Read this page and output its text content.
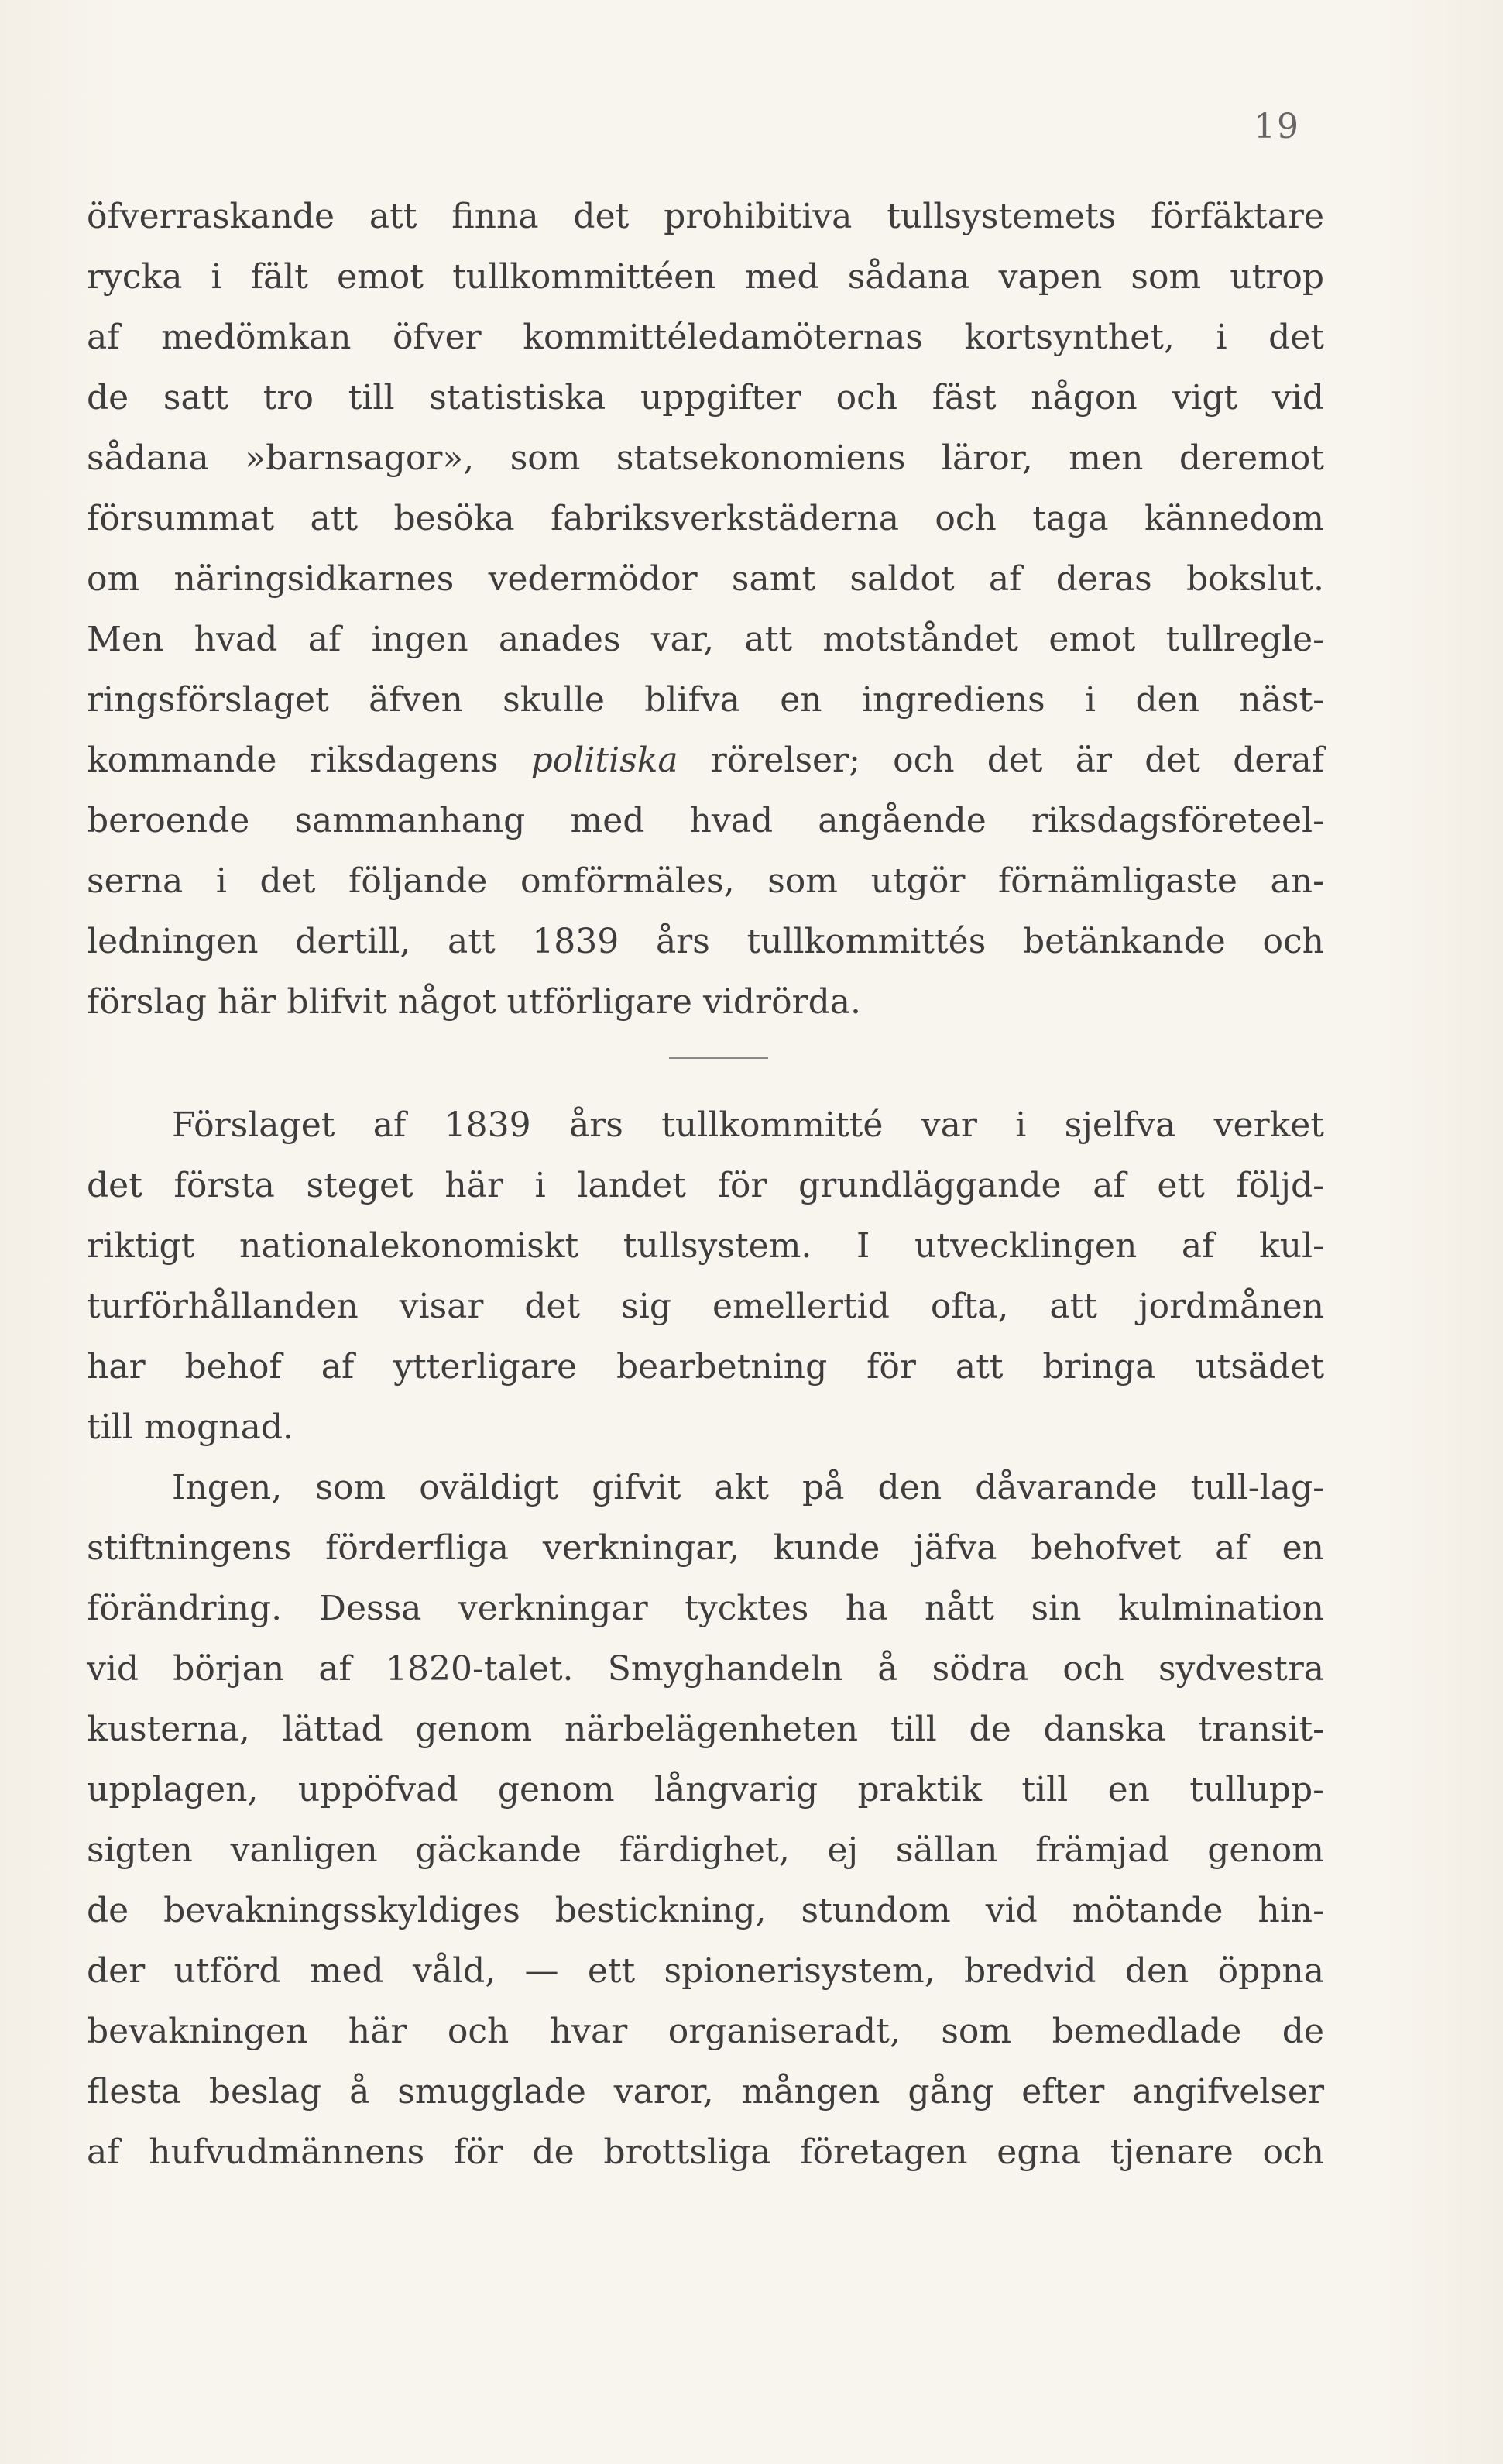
19
öfverraskande att finna det prohibitiva tullsystemets förfäktare
rycka i fält emot tullkommittéen med sådana vapen som utrop
af medömkan öfver kommittéledamöternas kortsynthet, i det
de satt tro till statistiska uppgifter och fäst någon vigt vid
sådana »barnsagor», som statsekonomiens läror, men deremot
försummat att besöka fabriksverkstäderna och taga kännedom
om näringsidkarnes vedermödor samt saldot af deras bokslut.
Men hvad af ingen anades var, att motståndet emot tullregle-
ringsförslaget äfven skulle blifva en ingrediens i den näst-
kommande riksdagens politiska rörelser; och det är det deraf
beroende sammanhang med hvad angående riksdagsföreteel-
serna i det följande omförmäles, som utgör förnämligaste an-
ledningen dertill, att 1839 års tullkommittés betänkande och
förslag här blifvit något utförligare vidrörda.
Förslaget af 1839 års tullkommitté var i sjelfva verket
det första steget här i landet för grundläggande af ett följd-
riktigt nationalekonomiskt tullsystem. I utvecklingen af kul-
turförhållanden visar det sig emellertid ofta, att jordmånen
har behof af ytterligare bearbetning för att bringa utsädet
till mognad.
Ingen, som oväldigt gifvit akt på den dåvarande tull-lag-
stiftningens förderfliga verkningar, kunde jäfva behofvet af en
förändring. Dessa verkningar tycktes ha nått sin kulmination
vid början af 1820-talet. Smyghandeln å södra och sydvestra
kusterna, lättad genom närbelägenheten till de danska transit-
upplagen, uppöfvad genom långvarig praktik till en tullupp-
sigten vanligen gäckande färdighet, ej sällan främjad genom
de bevakningsskyldiges bestickning, stundom vid mötande hin-
der utförd med våld, — ett spionerisystem, bredvid den öppna
bevakningen här och hvar organiseradt, som bemedlade de
flesta beslag å smugglade varor, mången gång efter angifvelser
af hufvudmännens för de brottsliga företagen egna tjenare och
